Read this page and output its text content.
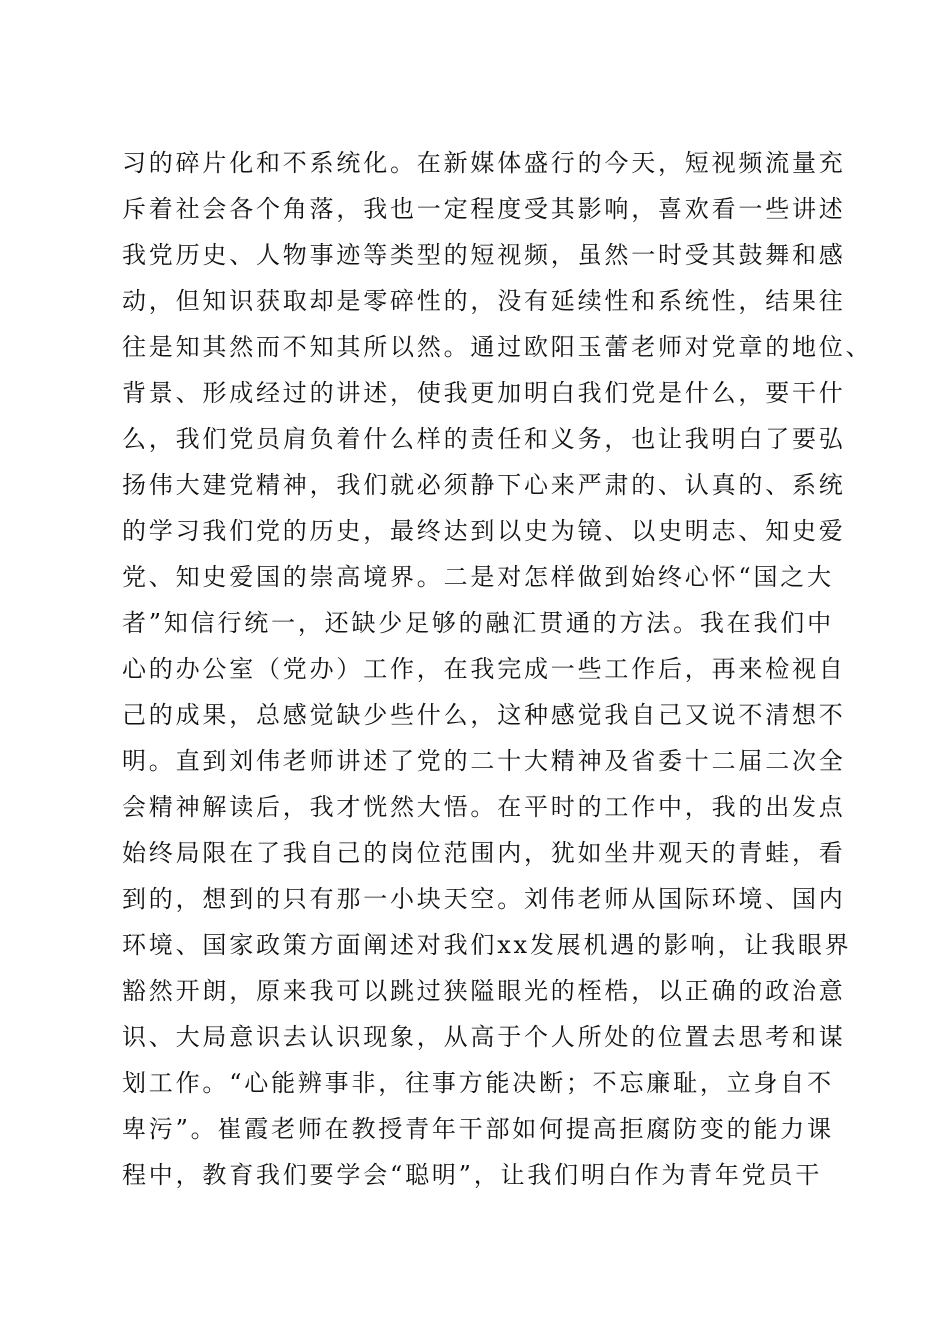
习的碎片化和不系统化。在新媒体盛行的今天，短视频流量充
斥着社会各个角落，我也一定程度受其影响，喜欢看一些讲述
我党历史、人物事迹等类型的短视频，虽然一时受其鼓舞和感
动，但知识获取却是零碎性的，没有延续性和系统性，结果往
往是知其然而不知其所以然。通过欧阳玉蕾老师对党章的地位、
背景、形成经过的讲述，使我更加明白我们党是什么，要干什
么，我们党员肩负着什么样的责任和义务，也让我明白了要弘
扬伟大建党精神，我们就必须静下心来严肃的、认真的、系统
的学习我们党的历史，最终达到以史为镜、以史明志、知史爱
党、知史爱国的崇高境界。二是对怎样做到始终心怀“国之大
者”知信行统一，还缺少足够的融汇贯通的方法。我在我们中
心的办公室（党办）工作，在我完成一些工作后，再来检视自
己的成果，总感觉缺少些什么，这种感觉我自己又说不清想不
明。直到刘伟老师讲述了党的二十大精神及省委十二届二次全
会精神解读后，我才恍然大悟。在平时的工作中，我的出发点
始终局限在了我自己的岗位范围内，犹如坐井观天的青蛙，看
到的，想到的只有那一小块天空。刘伟老师从国际环境、国内
环境、国家政策方面阐述对我们xx发展机遇的影响，让我眼界
豁然开朗，原来我可以跳过狭隘眼光的桎梏，以正确的政治意
识、大局意识去认识现象，从高于个人所处的位置去思考和谋
划工作。“心能辨事非，往事方能决断；不忘廉耻，立身自不
卑污”。崔霞老师在教授青年干部如何提高拒腐防变的能力课
程中，教育我们要学会“聪明”，让我们明白作为青年党员干
